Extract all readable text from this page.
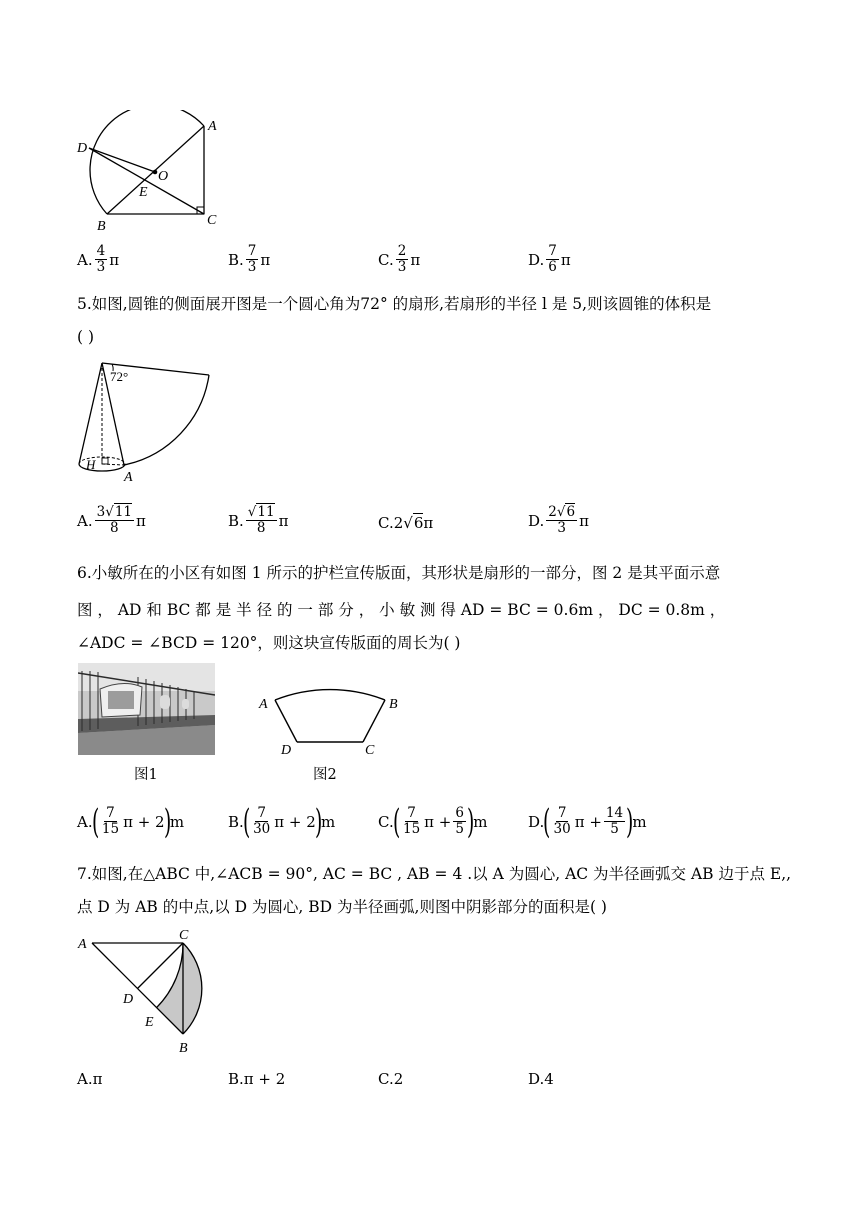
A
D
O
E
B	C
A. $\frac{4}{3}$ π	B. $\frac{7}{3}$ π	C. $\frac{2}{3}$ π	D. $\frac{7}{6}$ π
5.如图,圆锥的侧面展开图是一个圆心角为72° 的扇形,若扇形的半径 l 是 5,则该圆锥的体积是
( )
72°
H
A
A. $\frac{3√11}{8}$ π	B. $\frac{√11}{8}$ π	C. 2 √ 6 π	D. $\frac{2√6}{3}$ π
6.小敏所在的小区有如图 1 所示的护栏宣传版面，其形状是扇形的一部分，图 2 是其平面示意
图 ， AD 和 BC 都 是 半 径 的 一 部 分 ， 小 敏 测 得 AD = BC = 0.6m ， DC = 0.8m ，
∠ADC = ∠BCD = 120°，则这块宣传版面的周长为( )
图1
A	B
D	C
图2
A.
( $\frac{7}{15}$ π + 2
)
m	B.
( $\frac{7}{30}$ π + 2
)
m	C.
( $\frac{7}{15}$ $\pi + \frac{6}{5}$ )
m	D.
( $\frac{7}{30}$ $\pi + \frac{14}{5}$ )
m
7.如图,在△ABC 中,∠ACB = 90°, AC = BC , AB = 4 .以 A 为圆心, AC 为半径画弧交 AB 边于点 E,,
点 D 为 AB 的中点,以 D 为圆心, BD 为半径画弧,则图中阴影部分的面积是( )
A
C
D
E
B
A. π	B. π + 2	C. 2	D. 4
